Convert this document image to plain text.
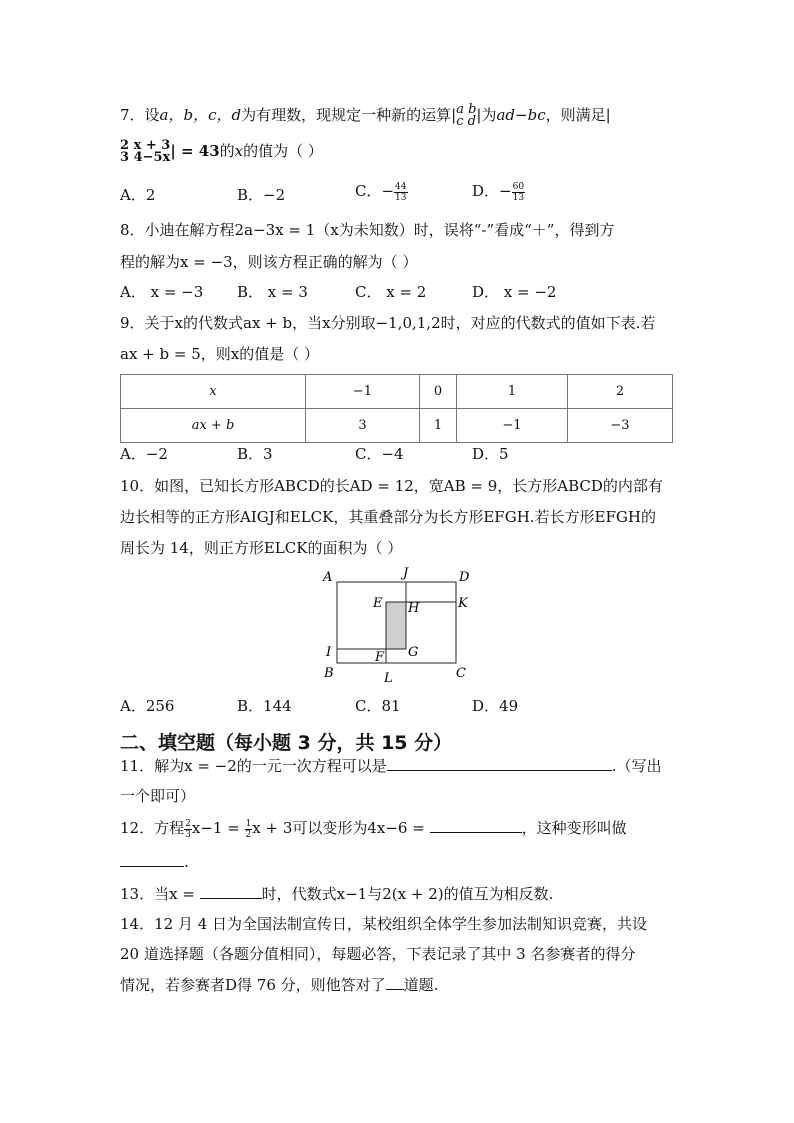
7．设a，b，c，d为有理数，现规定一种新的运算| a b
c d |为ad−bc，则满足|
2 x + 3
3 4−5x | = 43的x的值为（ ）
A．2	B．−2	C．− $\frac{44}{13}$	D．− $\frac{60}{13}$
8．小迪在解方程2a−3x = 1（x为未知数）时，误将“-”看成“＋”，得到方
程的解为x = −3，则该方程正确的解为（ ）
A． x = −3 B． x = 3	C． x = 2	D． x = −2
9．关于x的代数式ax + b，当x分别取−1,0,1,2时，对应的代数式的值如下表.若
ax + b = 5，则x的值是（ ）
x	−1	0	1	2
ax + b	3	1	−1	−3
A．−2	B．3	C．−4	D．5
10．如图，已知长方形ABCD的长AD = 12，宽AB = 9，长方形ABCD的内部有
边长相等的正方形AIGJ和ELCK，其重叠部分为长方形EFGH.若长方形EFGH的
周长为 14，则正方形ELCK的面积为（ ）
A	J	D
E H	K
I	F G
B	L	C
A．256	B．144	C．81	D．49
二、填空题（每小题 3 分，共 15 分）
11．解为x = −2的一元一次方程可以是	.（写出
一个即可）
12．方程 $\frac{2}{3} x-1 = \frac{1}{2}$ x + 3可以变形为4x−6 =	，这种变形叫做
.
13．当x =	时，代数式x−1与2(x + 2)的值互为相反数.
14．12 月 4 日为全国法制宣传日，某校组织全体学生参加法制知识竞赛，共设
20 道选择题（各题分值相同），每题必答，下表记录了其中 3 名参赛者的得分
情况，若参赛者D得 76 分，则他答对了 道题.
